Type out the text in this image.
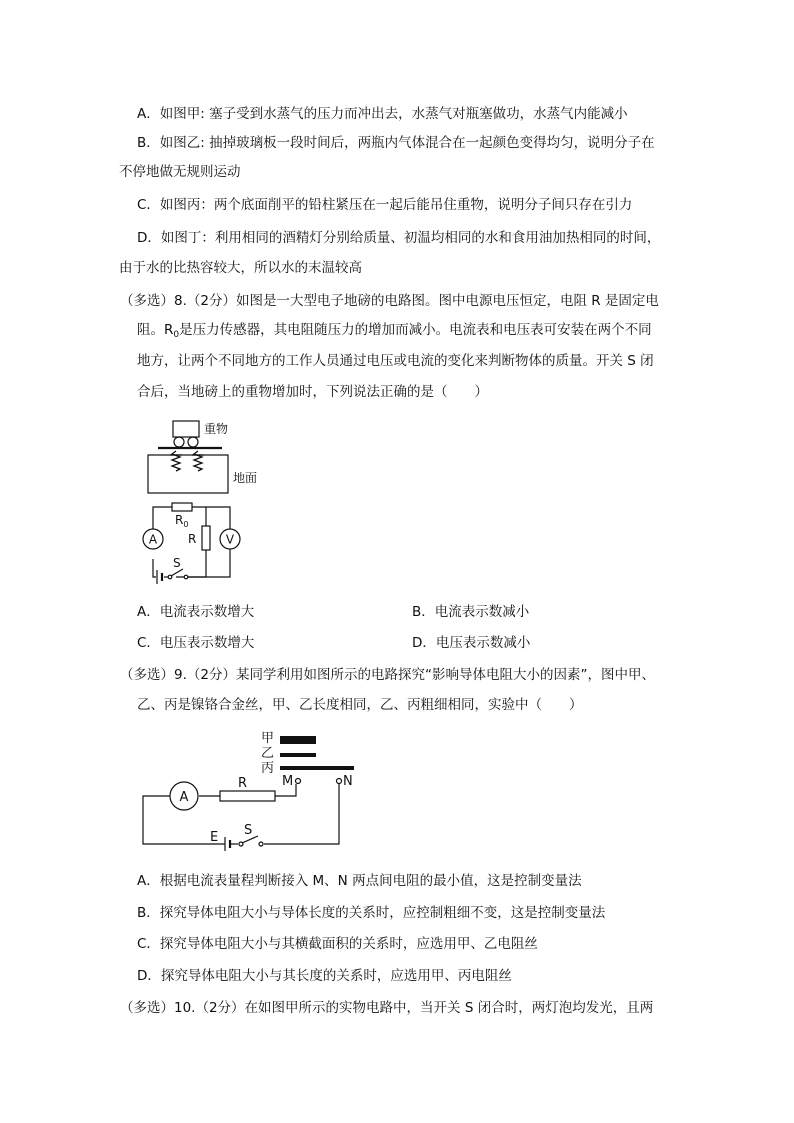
A．如图甲: 塞子受到水蒸气的压力而冲出去，水蒸气对瓶塞做功，水蒸气内能减小
B．如图乙: 抽掉玻璃板一段时间后，两瓶内气体混合在一起颜色变得均匀，说明分子在
不停地做无规则运动
C．如图丙：两个底面削平的铅柱紧压在一起后能吊住重物，说明分子间只存在引力
D．如图丁：利用相同的酒精灯分别给质量、初温均相同的水和食用油加热相同的时间，
由于水的比热容较大，所以水的末温较高
（多选）8.（2分）如图是一大型电子地磅的电路图。图中电源电压恒定，电阻 R 是固定电
阻。$R_0$是压力传感器，其电阻随压力的增加而减小。电流表和电压表可安装在两个不同
地方，让两个不同地方的工作人员通过电压或电流的变化来判断物体的质量。开关 S 闭
合后，当地磅上的重物增加时，下列说法正确的是（　　）
重物
地面
$R_0$
R
A	V
S
A．电流表示数增大	B．电流表示数减小
C．电压表示数增大	D．电压表示数减小
（多选）9.（2分）某同学利用如图所示的电路探究“影响导体电阻大小的因素”，图中甲、
乙、丙是镍铬合金丝，甲、乙长度相同，乙、丙粗细相同，实验中（　　）
甲
乙
丙
A
R	M	N
E S
A．根据电流表量程判断接入 M、N 两点间电阻的最小值，这是控制变量法
B．探究导体电阻大小与导体长度的关系时，应控制粗细不变，这是控制变量法
C．探究导体电阻大小与其横截面积的关系时，应选用甲、乙电阻丝
D．探究导体电阻大小与其长度的关系时，应选用甲、丙电阻丝
（多选）10.（2分）在如图甲所示的实物电路中，当开关 S 闭合时，两灯泡均发光，且两
